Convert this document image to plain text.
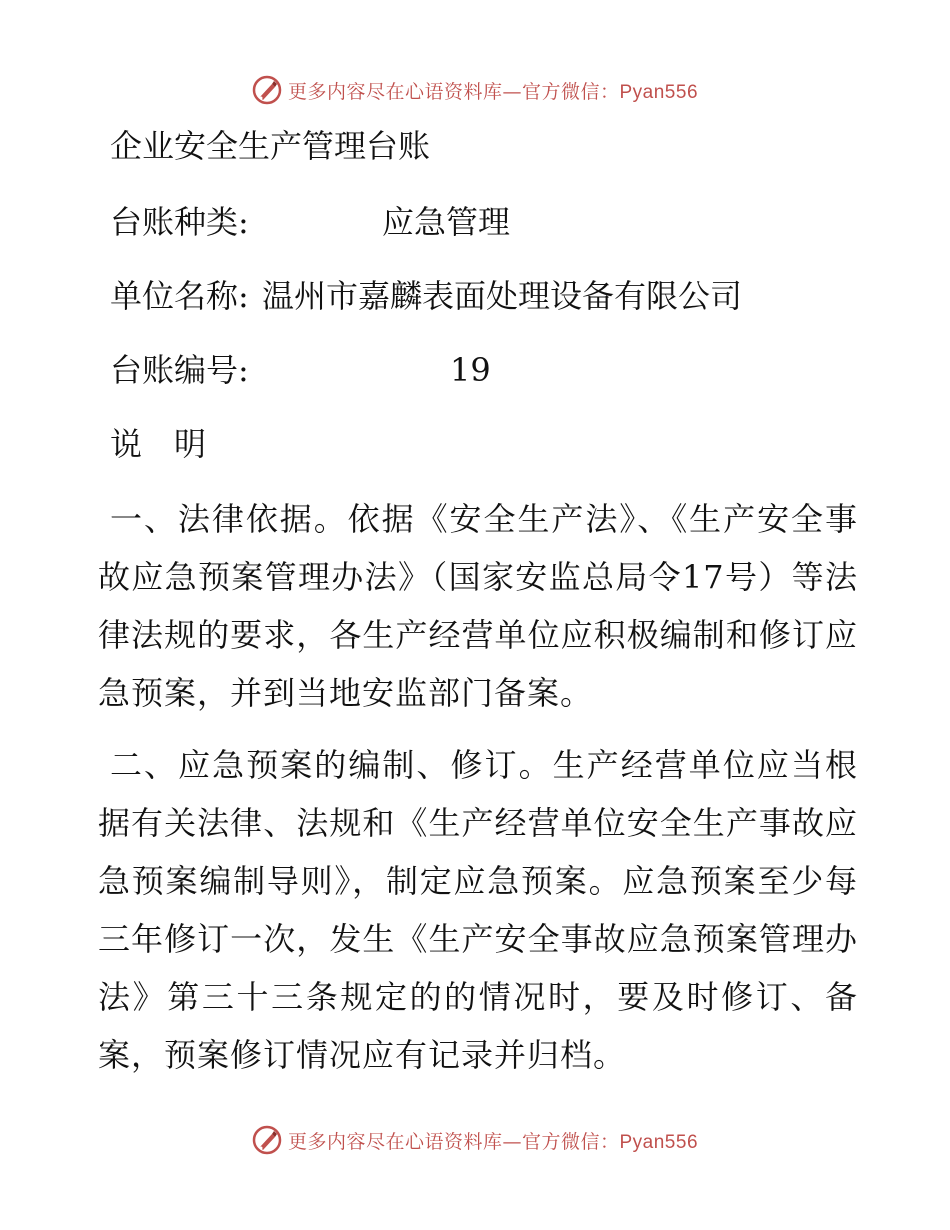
更多内容尽在心语资料库—官方微信：Pyan556
企业安全生产管理台账
台账种类:	应急管理
单位名称: 温州市嘉麟表面处理设备有限公司
台账编号:	19
说　明
一、法律依据。依据《安全生产法》、《生产安全事故应急预案管理办法》（国家安监总局令17号）等法律法规的要求，各生产经营单位应积极编制和修订应急预案，并到当地安监部门备案。
二、应急预案的编制、修订。生产经营单位应当根据有关法律、法规和《生产经营单位安全生产事故应急预案编制导则》，制定应急预案。应急预案至少每三年修订一次，发生《生产安全事故应急预案管理办法》第三十三条规定的的情况时，要及时修订、备案，预案修订情况应有记录并归档。
更多内容尽在心语资料库—官方微信：Pyan556
